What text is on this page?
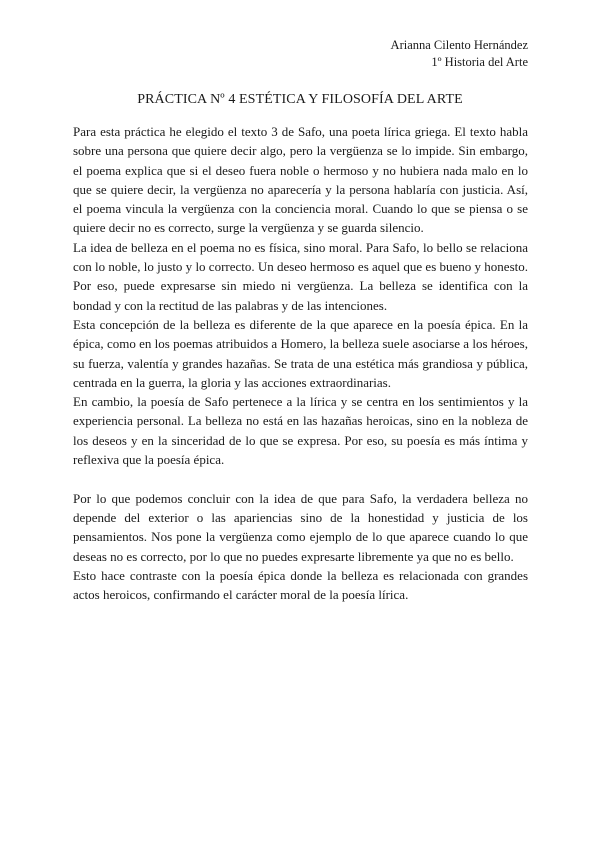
Arianna Cilento Hernández
1º Historia del Arte
PRÁCTICA Nº 4 ESTÉTICA Y FILOSOFÍA DEL ARTE

Para esta práctica he elegido el texto 3 de Safo, una poeta lírica griega. El texto habla sobre una persona que quiere decir algo, pero la vergüenza se lo impide. Sin embargo, el poema explica que si el deseo fuera noble o hermoso y no hubiera nada malo en lo que se quiere decir, la vergüenza no aparecería y la persona hablaría con justicia. Así, el poema vincula la vergüenza con la conciencia moral. Cuando lo que se piensa o se quiere decir no es correcto, surge la vergüenza y se guarda silencio.

La idea de belleza en el poema no es física, sino moral. Para Safo, lo bello se relaciona con lo noble, lo justo y lo correcto. Un deseo hermoso es aquel que es bueno y honesto. Por eso, puede expresarse sin miedo ni vergüenza. La belleza se identifica con la bondad y con la rectitud de las palabras y de las intenciones.

Esta concepción de la belleza es diferente de la que aparece en la poesía épica. En la épica, como en los poemas atribuidos a Homero, la belleza suele asociarse a los héroes, su fuerza, valentía y grandes hazañas. Se trata de una estética más grandiosa y pública, centrada en la guerra, la gloria y las acciones extraordinarias.

En cambio, la poesía de Safo pertenece a la lírica y se centra en los sentimientos y la experiencia personal. La belleza no está en las hazañas heroicas, sino en la nobleza de los deseos y en la sinceridad de lo que se expresa. Por eso, su poesía es más íntima y reflexiva que la poesía épica.

Por lo que podemos concluir con la idea de que para Safo, la verdadera belleza no depende del exterior o las apariencias sino de la honestidad y justicia de los pensamientos. Nos pone la vergüenza como ejemplo de lo que aparece cuando lo que deseas no es correcto, por lo que no puedes expresarte libremente ya que no es bello.

Esto hace contraste con la poesía épica donde la belleza es relacionada con grandes actos heroicos, confirmando el carácter moral de la poesía lírica.
